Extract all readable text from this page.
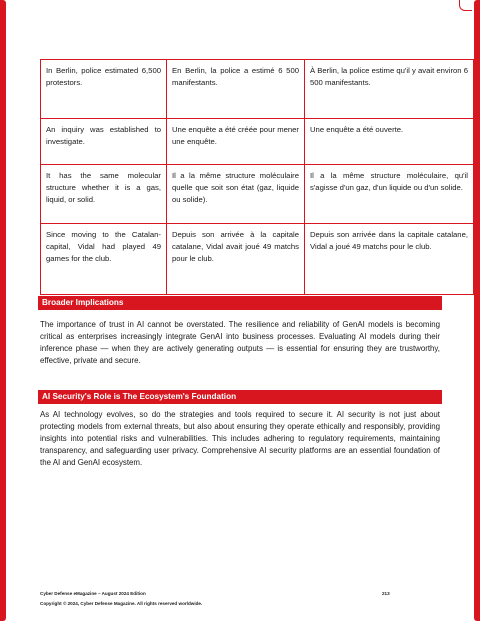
In Berlin, police estimated 6,500 protestors.	En Berlin, la police a estimé 6 500 manifestants.	À Berlin, la police estime qu'il y avait environ 6 500 manifestants.
An inquiry was established to investigate.	Une enquête a été créée pour mener une enquête.	Une enquête a été ouverte.
It has the same molecular structure whether it is a gas, liquid, or solid.	Il a la même structure moléculaire quelle que soit son état (gaz, liquide ou solide).	Il a la même structure moléculaire, qu'il s'agisse d'un gaz, d'un liquide ou d'un solide.
Since moving to the Catalan-capital, Vidal had played 49 games for the club.	Depuis son arrivée à la capitale catalane, Vidal avait joué 49 matchs pour le club.	Depuis son arrivée dans la capitale catalane, Vidal a joué 49 matchs pour le club.
Broader Implications
The importance of trust in AI cannot be overstated. The resilience and reliability of GenAI models is becoming critical as enterprises increasingly integrate GenAI into business processes. Evaluating AI models during their inference phase — when they are actively generating outputs — is essential for ensuring they are trustworthy, effective, private and secure.
AI Security's Role is The Ecosystem's Foundation
As AI technology evolves, so do the strategies and tools required to secure it. AI security is not just about protecting models from external threats, but also about ensuring they operate ethically and responsibly, providing insights into potential risks and vulnerabilities. This includes adhering to regulatory requirements, maintaining transparency, and safeguarding user privacy. Comprehensive AI security platforms are an essential foundation of the AI and GenAI ecosystem.
Cyber Defense eMagazine – August 2024 Edition	213
Copyright © 2024, Cyber Defense Magazine. All rights reserved worldwide.
